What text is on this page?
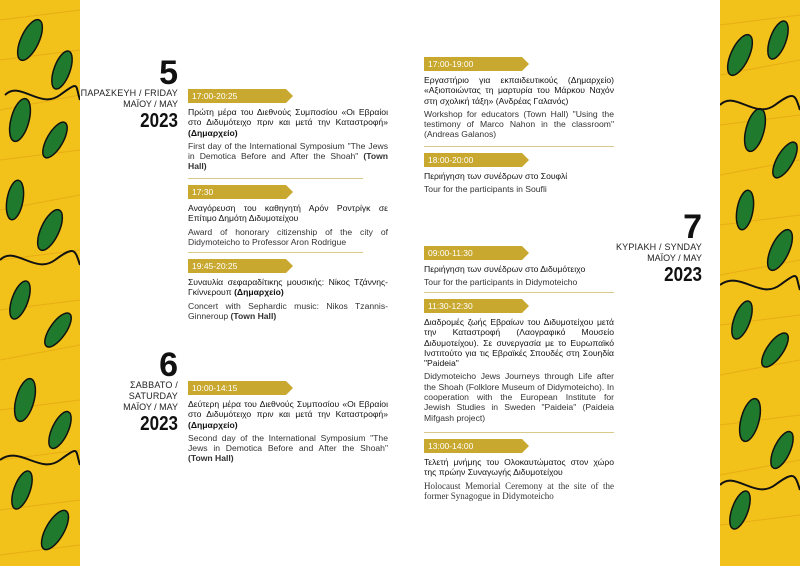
5
ΠΑΡΑΣΚΕΥΗ / FRIDAY
ΜΑΪΟΥ / MAY
2023
6
ΣΑΒΒΑΤΟ / SATURDAY
ΜΑΪΟΥ / MAY
2023
7
ΚΥΡΙΑΚΗ / SYNDAY
ΜΑΪΟΥ / MAY
2023
17:00-20:25
Πρώτη μέρα του Διεθνούς Συμποσίου «Οι Εβραίοι στο Διδυμότειχο πριν και μετά την Καταστροφή» (Δημαρχείο)
First day of the International Symposium "The Jews in Demotica Before and After the Shoah" (Town Hall)
17:30
Αναγόρευση του καθηγητή Αρόν Ροντρίγκ σε Επίτιμο Δημότη Διδυμοτείχου
Award of honorary citizenship of the city of Didymoteicho to Professor Aron Rodrigue
19:45-20:25
Συναυλία σεφαραδίτικης μουσικής: Νίκος Τζάννης-Γκίννερουπ (Δημαρχείο)
Concert with Sephardic music: Nikos Tzannis-Ginneroup (Town Hall)
10:00-14:15
Δεύτερη μέρα του Διεθνούς Συμποσίου «Οι Εβραίοι στο Διδυμότειχο πριν και μετά την Καταστροφή» (Δημαρχείο)
Second day of the International Symposium "The Jews in Demotica Before and After the Shoah" (Town Hall)
17:00-19:00
Εργαστήριο για εκπαιδευτικούς (Δημαρχείο) «Αξιοποιώντας τη μαρτυρία του Μάρκου Ναχόν στη σχολική τάξη» (Ανδρέας Γαλανός)
Workshop for educators (Town Hall) "Using the testimony of Marco Nahon in the classroom" (Andreas Galanos)
18:00-20:00
Περιήγηση των συνέδρων στο Σουφλί
Tour for the participants in Soufli
09:00-11:30
Περιήγηση των συνέδρων στο Διδυμότειχο
Tour for the participants in Didymoteicho
11:30-12:30
Διαδρομές ζωής Εβραίων του Διδυμοτείχου μετά την Καταστροφή (Λαογραφικό Μουσείο Διδυμοτείχου). Σε συνεργασία με το Ευρωπαϊκό Ινστιτούτο για τις Εβραϊκές Σπουδές στη Σουηδία "Paideia"
Didymoteicho Jews Journeys through Life after the Shoah (Folklore Museum of Didymoteicho). In cooperation with the European Institute for Jewish Studies in Sweden "Paideia" (Paideia Mifgash project)
13:00-14:00
Τελετή μνήμης του Ολοκαυτώματος στον χώρο της πρώην Συναγωγής Διδυμοτείχου
Holocaust Memorial Ceremony at the site of the former Synagogue in Didymoteicho
